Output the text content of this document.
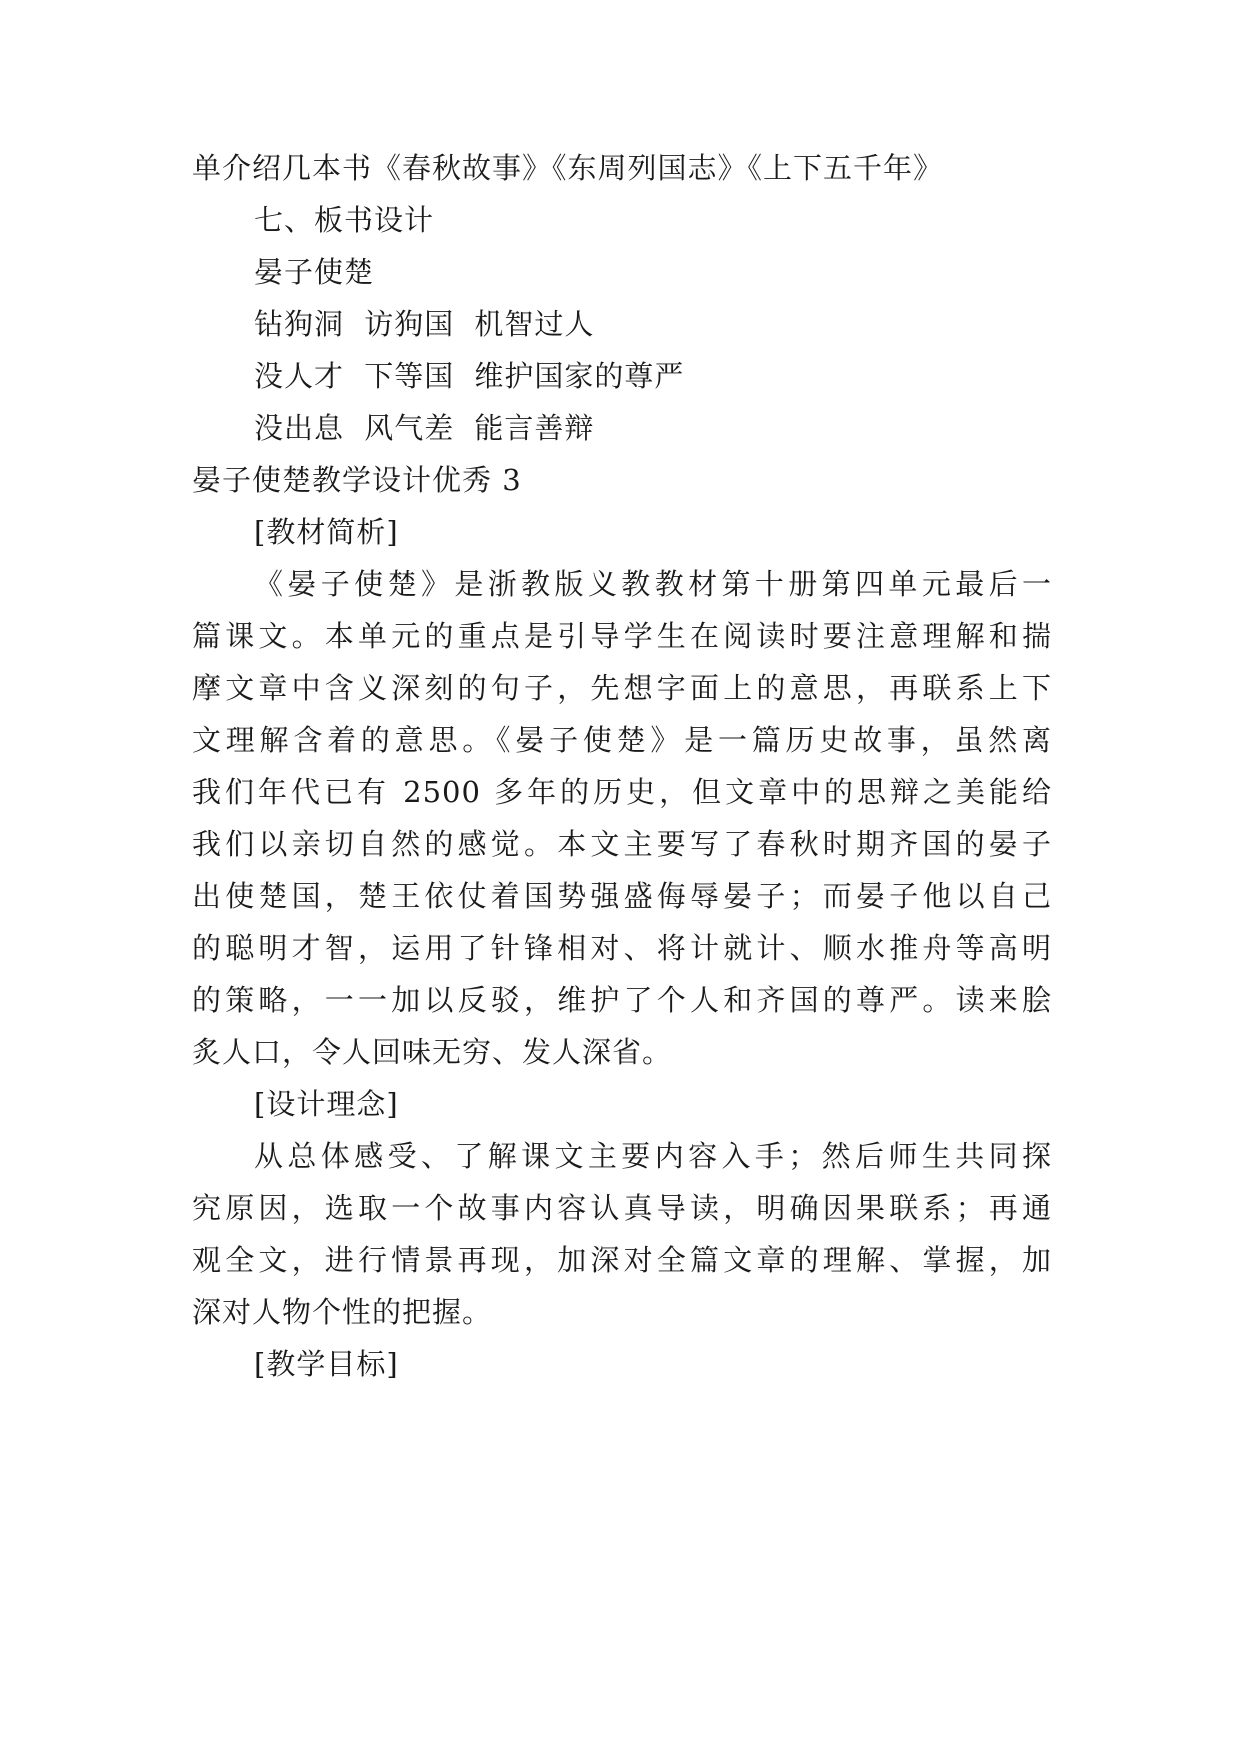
单介绍几本书《春秋故事》《东周列国志》《上下五千年》
七、板书设计
晏子使楚
钻狗洞 访狗国 机智过人
没人才 下等国 维护国家的尊严
没出息 风气差 能言善辩
晏子使楚教学设计优秀 3
[教材简析]
《晏子使楚》是浙教版义教教材第十册第四单元最后一
篇课文。本单元的重点是引导学生在阅读时要注意理解和揣
摩文章中含义深刻的句子，先想字面上的意思，再联系上下
文理解含着的意思。《晏子使楚》是一篇历史故事，虽然离
我们年代已有 2500 多年的历史，但文章中的思辩之美能给
我们以亲切自然的感觉。本文主要写了春秋时期齐国的晏子
出使楚国，楚王依仗着国势强盛侮辱晏子；而晏子他以自己
的聪明才智，运用了针锋相对、将计就计、顺水推舟等高明
的策略，一一加以反驳，维护了个人和齐国的尊严。读来脍
炙人口，令人回味无穷、发人深省。
[设计理念]
从总体感受、了解课文主要内容入手；然后师生共同探
究原因，选取一个故事内容认真导读，明确因果联系；再通
观全文，进行情景再现，加深对全篇文章的理解、掌握，加
深对人物个性的把握。
[教学目标]
